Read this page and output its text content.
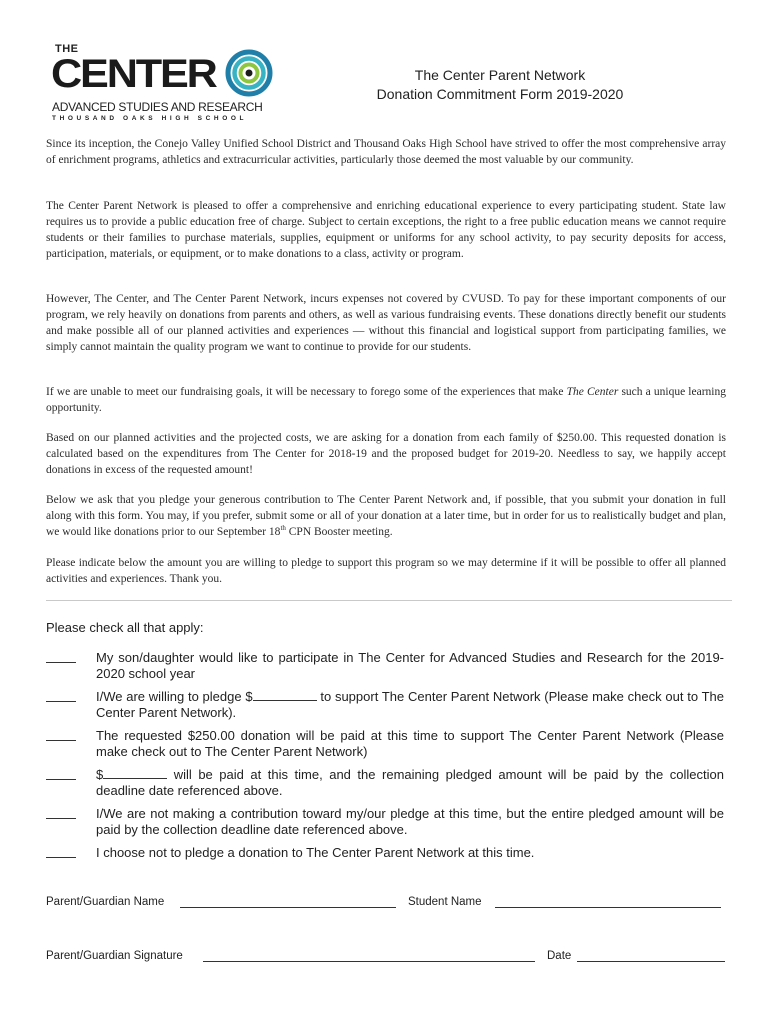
THE
CENTER
ADVANCED STUDIES AND RESEARCH
THOUSAND OAKS HIGH SCHOOL
The Center Parent Network
Donation Commitment Form 2019-2020

Since its inception, the Conejo Valley Unified School District and Thousand Oaks High School have strived to offer the most comprehensive array of enrichment programs, athletics and extracurricular activities, particularly those deemed the most valuable by our community.

The Center Parent Network is pleased to offer a comprehensive and enriching educational experience to every participating student. State law requires us to provide a public education free of charge. Subject to certain exceptions, the right to a free public education means we cannot require students or their families to purchase materials, supplies, equipment or uniforms for any school activity, to pay security deposits for access, participation, materials, or equipment, or to make donations to a class, activity or program.

However, The Center, and The Center Parent Network, incurs expenses not covered by CVUSD. To pay for these important components of our program, we rely heavily on donations from parents and others, as well as various fundraising events. These donations directly benefit our students and make possible all of our planned activities and experiences — without this financial and logistical support from participating families, we simply cannot maintain the quality program we want to continue to provide for our students.

If we are unable to meet our fundraising goals, it will be necessary to forego some of the experiences that make The Center such a unique learning opportunity.

Based on our planned activities and the projected costs, we are asking for a donation from each family of $250.00. This requested donation is calculated based on the expenditures from The Center for 2018-19 and the proposed budget for 2019-20. Needless to say, we happily accept donations in excess of the requested amount!

Below we ask that you pledge your generous contribution to The Center Parent Network and, if possible, that you submit your donation in full along with this form. You may, if you prefer, submit some or all of your donation at a later time, but in order for us to realistically budget and plan, we would like donations prior to our September 18th CPN Booster meeting.

Please indicate below the amount you are willing to pledge to support this program so we may determine if it will be possible to offer all planned activities and experiences. Thank you.

Please check all that apply:
My son/daughter would like to participate in The Center for Advanced Studies and Research for the 2019-2020 school year
I/We are willing to pledge $	to support The Center Parent Network (Please make check out to The Center Parent Network).
The requested $250.00 donation will be paid at this time to support The Center Parent Network (Please make check out to The Center Parent Network)
$	will be paid at this time, and the remaining pledged amount will be paid by the collection deadline date referenced above.
I/We are not making a contribution toward my/our pledge at this time, but the entire pledged amount will be paid by the collection deadline date referenced above.
I choose not to pledge a donation to The Center Parent Network at this time.
Parent/Guardian Name	Student Name
Parent/Guardian Signature	Date
